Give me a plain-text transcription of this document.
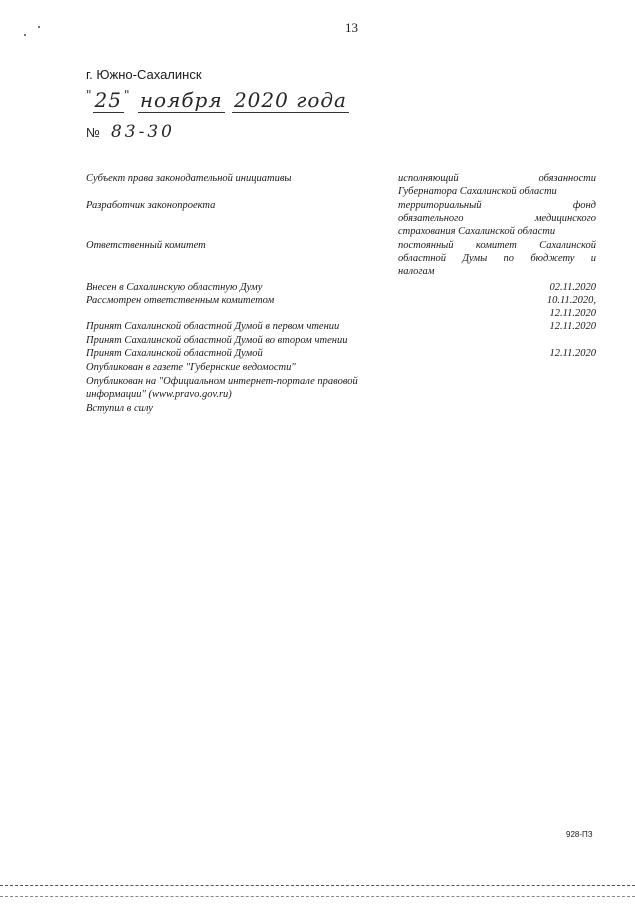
13
г. Южно-Сахалинск
" 25 " ноября 2020 года
№ 83-30
Субъект права законодательной инициативы	исполняющий обязанности
Губернатора Сахалинской области
Разработчик законопроекта	территориальный фонд
обязательного медицинского
страхования Сахалинской области
Ответственный комитет	постоянный комитет Сахалинской
областной Думы по бюджету и
налогам
Внесен в Сахалинскую областную Думу	02.11.2020
Рассмотрен ответственным комитетом	10.11.2020,
12.11.2020
Принят Сахалинской областной Думой в первом чтении	12.11.2020
Принят Сахалинской областной Думой во втором чтении
Принят Сахалинской областной Думой	12.11.2020
Опубликован в газете "Губернские ведомости"
Опубликован на "Официальном интернет-портале правовой
информации" (www.pravo.gov.ru)
Вступил в силу
928-ПЗ
